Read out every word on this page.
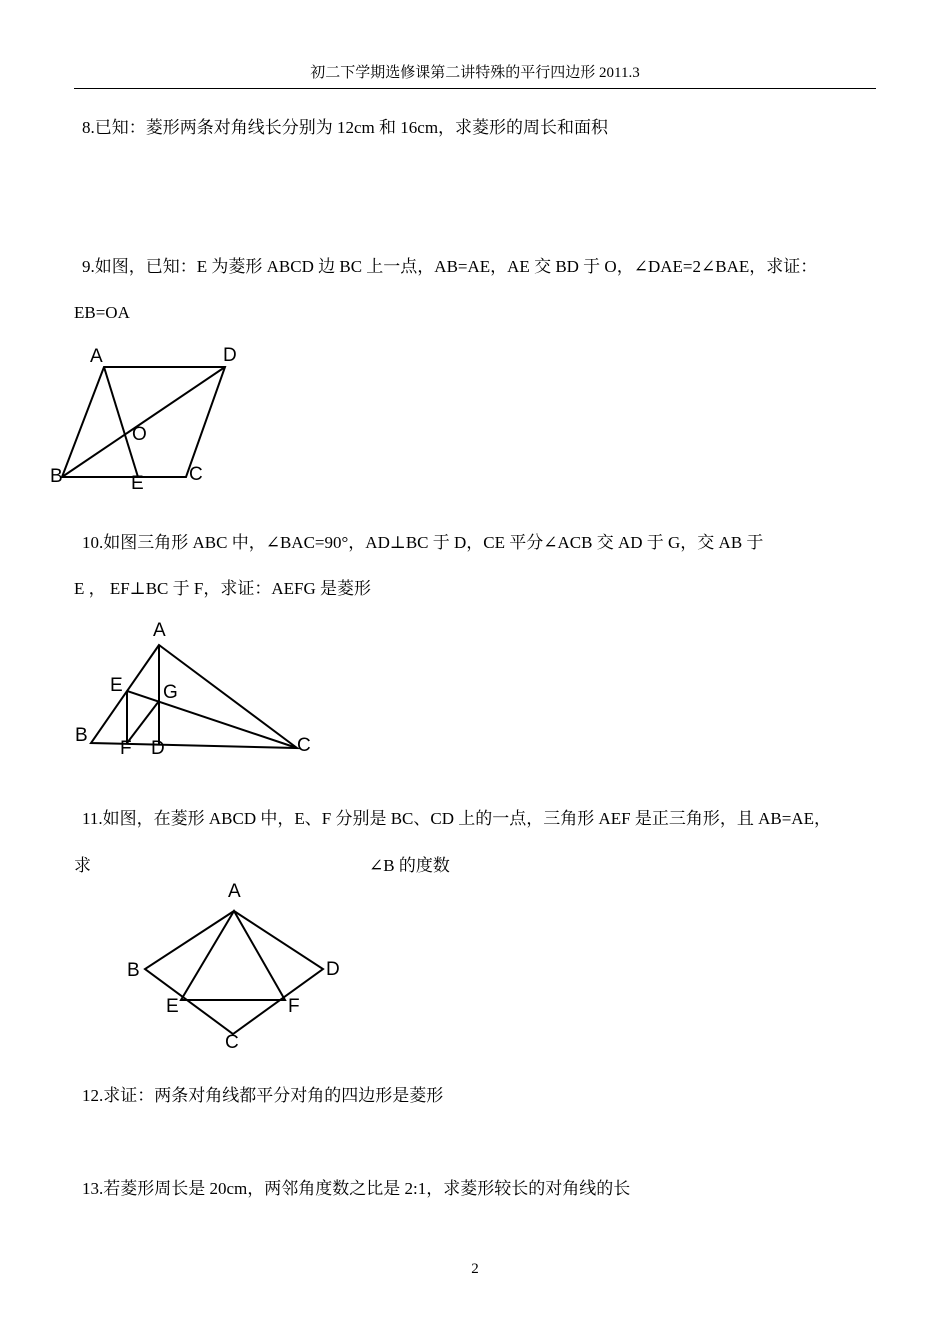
初二下学期选修课第二讲特殊的平行四边形 2011.3
8.已知：菱形两条对角线长分别为 12cm 和 16cm，求菱形的周长和面积
9.如图，已知：E 为菱形 ABCD 边 BC 上一点，AB=AE，AE 交 BD 于 O，∠DAE=2∠BAE，求证：
EB=OA
A	D
O
B	E C
A
E G
B
F D	C
A
B	D
E	F
C
10.如图三角形 ABC 中，∠BAC=90°，AD⊥BC 于 D，CE 平分∠ACB 交 AD 于 G，交 AB 于
E ， EF⊥BC 于 F，求证：AEFG 是菱形
11.如图，在菱形 ABCD 中，E、F 分别是 BC、CD 上的一点，三角形 AEF 是正三角形，且 AB=AE，
求	∠B 的度数
12.求证：两条对角线都平分对角的四边形是菱形
13.若菱形周长是 20cm，两邻角度数之比是 2:1，求菱形较长的对角线的长
2
